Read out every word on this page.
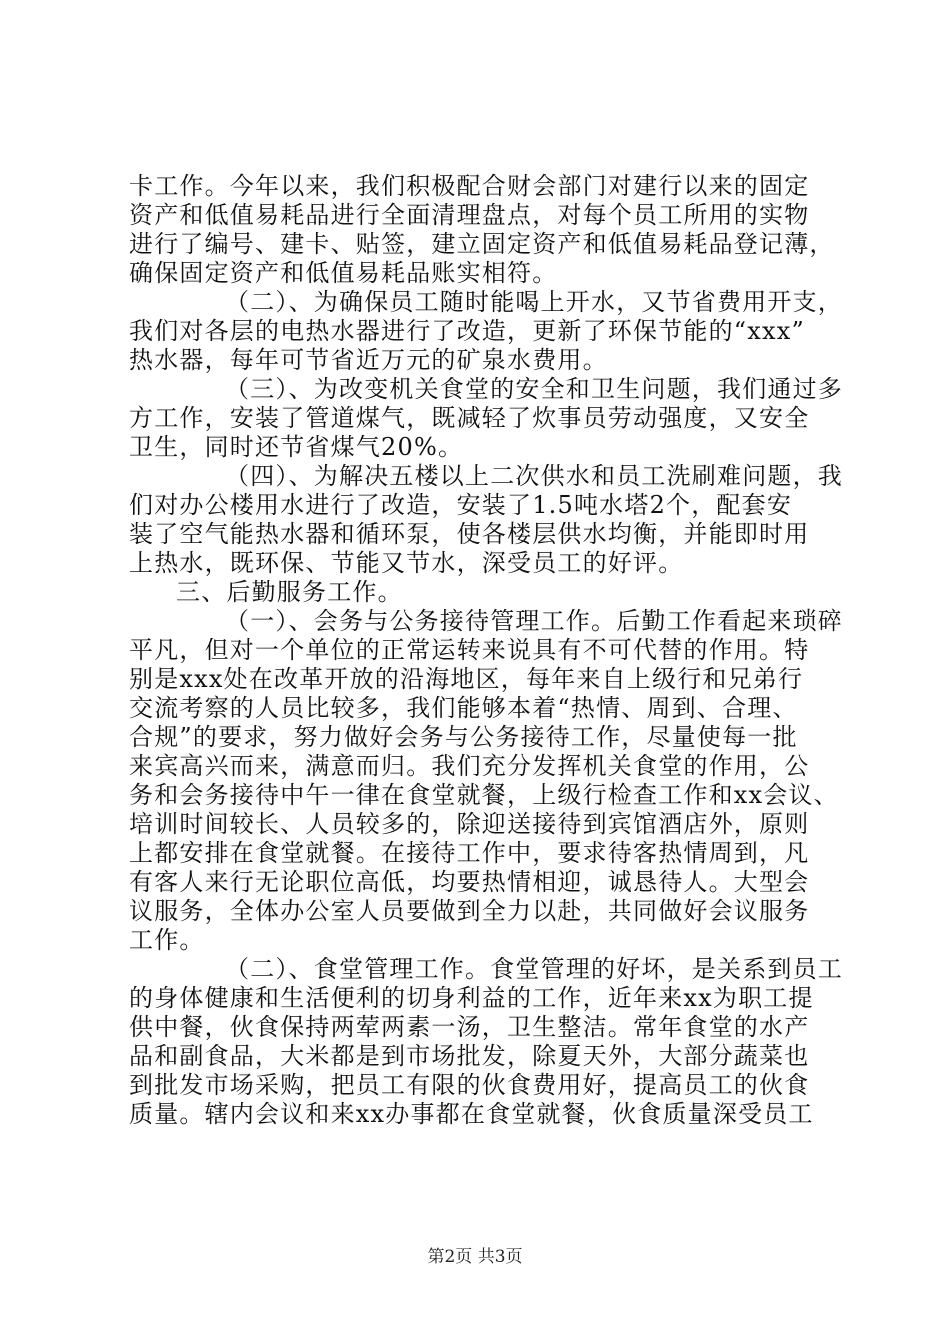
卡工作。今年以来，我们积极配合财会部门对建行以来的固定
资产和低值易耗品进行全面清理盘点，对每个员工所用的实物
进行了编号、建卡、贴签，建立固定资产和低值易耗品登记薄，
确保固定资产和低值易耗品账实相符。
（二）、为确保员工随时能喝上开水，又节省费用开支，
我们对各层的电热水器进行了改造，更新了环保节能的“xxx”
热水器，每年可节省近万元的矿泉水费用。
（三）、为改变机关食堂的安全和卫生问题，我们通过多
方工作，安装了管道煤气，既减轻了炊事员劳动强度，又安全
卫生，同时还节省煤气20%。
（四）、为解决五楼以上二次供水和员工洗刷难问题，我
们对办公楼用水进行了改造，安装了1.5吨水塔2个，配套安
装了空气能热水器和循环泵，使各楼层供水均衡，并能即时用
上热水，既环保、节能又节水，深受员工的好评。
三、后勤服务工作。
（一）、会务与公务接待管理工作。后勤工作看起来琐碎
平凡，但对一个单位的正常运转来说具有不可代替的作用。特
别是xxx处在改革开放的沿海地区，每年来自上级行和兄弟行
交流考察的人员比较多，我们能够本着“热情、周到、合理、
合规”的要求，努力做好会务与公务接待工作，尽量使每一批
来宾高兴而来，满意而归。我们充分发挥机关食堂的作用，公
务和会务接待中午一律在食堂就餐，上级行检查工作和xx会议、
培训时间较长、人员较多的，除迎送接待到宾馆酒店外，原则
上都安排在食堂就餐。在接待工作中，要求待客热情周到，凡
有客人来行无论职位高低，均要热情相迎，诚恳待人。大型会
议服务，全体办公室人员要做到全力以赴，共同做好会议服务
工作。
（二）、食堂管理工作。食堂管理的好坏，是关系到员工
的身体健康和生活便利的切身利益的工作，近年来xx为职工提
供中餐，伙食保持两荤两素一汤，卫生整洁。常年食堂的水产
品和副食品，大米都是到市场批发，除夏天外，大部分蔬菜也
到批发市场采购，把员工有限的伙食费用好，提高员工的伙食
质量。辖内会议和来xx办事都在食堂就餐，伙食质量深受员工
第2页 共3页
